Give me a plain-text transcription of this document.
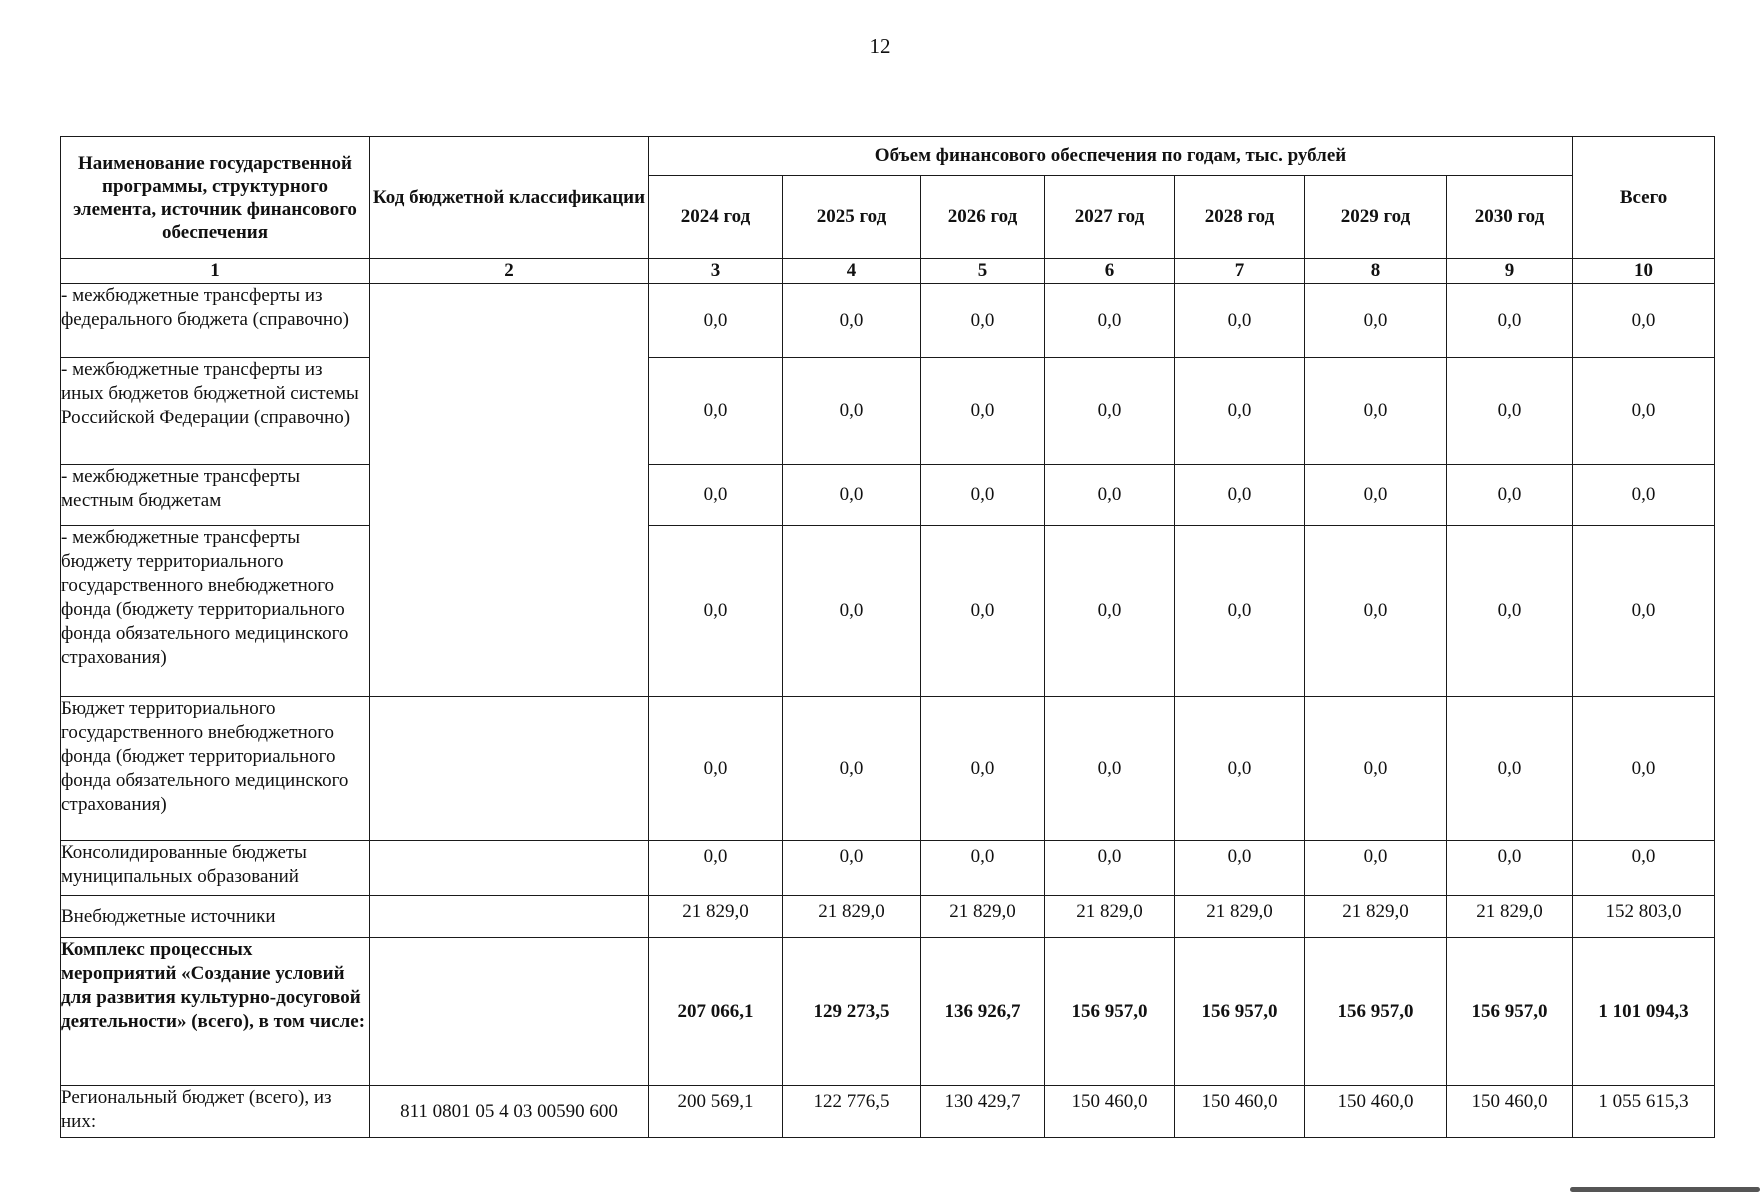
12
Наименование государственной программы, структурного элемента, источник финансового обеспечения	Код бюджетной классификации	Объем финансового обеспечения по годам, тыс. рублей							Всего
		2024 год	2025 год	2026 год	2027 год	2028 год	2029 год	2030 год	
1	2	3	4	5	6	7	8	9	10
- межбюджетные трансферты из федерального бюджета (справочно)		0,0	0,0	0,0	0,0	0,0	0,0	0,0	0,0
- межбюджетные трансферты из иных бюджетов бюджетной системы Российской Федерации (справочно)		0,0	0,0	0,0	0,0	0,0	0,0	0,0	0,0
- межбюджетные трансферты местным бюджетам		0,0	0,0	0,0	0,0	0,0	0,0	0,0	0,0
- межбюджетные трансферты бюджету территориального государственного внебюджетного фонда (бюджету территориального фонда обязательного медицинского страхования)		0,0	0,0	0,0	0,0	0,0	0,0	0,0	0,0
Бюджет территориального государственного внебюджетного фонда (бюджет территориального фонда обязательного медицинского страхования)		0,0	0,0	0,0	0,0	0,0	0,0	0,0	0,0
Консолидированные бюджеты муниципальных образований		0,0	0,0	0,0	0,0	0,0	0,0	0,0	0,0
Внебюджетные источники		21 829,0	21 829,0	21 829,0	21 829,0	21 829,0	21 829,0	21 829,0	152 803,0
Комплекс процессных мероприятий «Создание условий для развития культурно-досуговой деятельности» (всего), в том числе:		207 066,1	129 273,5	136 926,7	156 957,0	156 957,0	156 957,0	156 957,0	1 101 094,3
Региональный бюджет (всего), из них:	811 0801 05 4 03 00590 600	200 569,1	122 776,5	130 429,7	150 460,0	150 460,0	150 460,0	150 460,0	1 055 615,3
